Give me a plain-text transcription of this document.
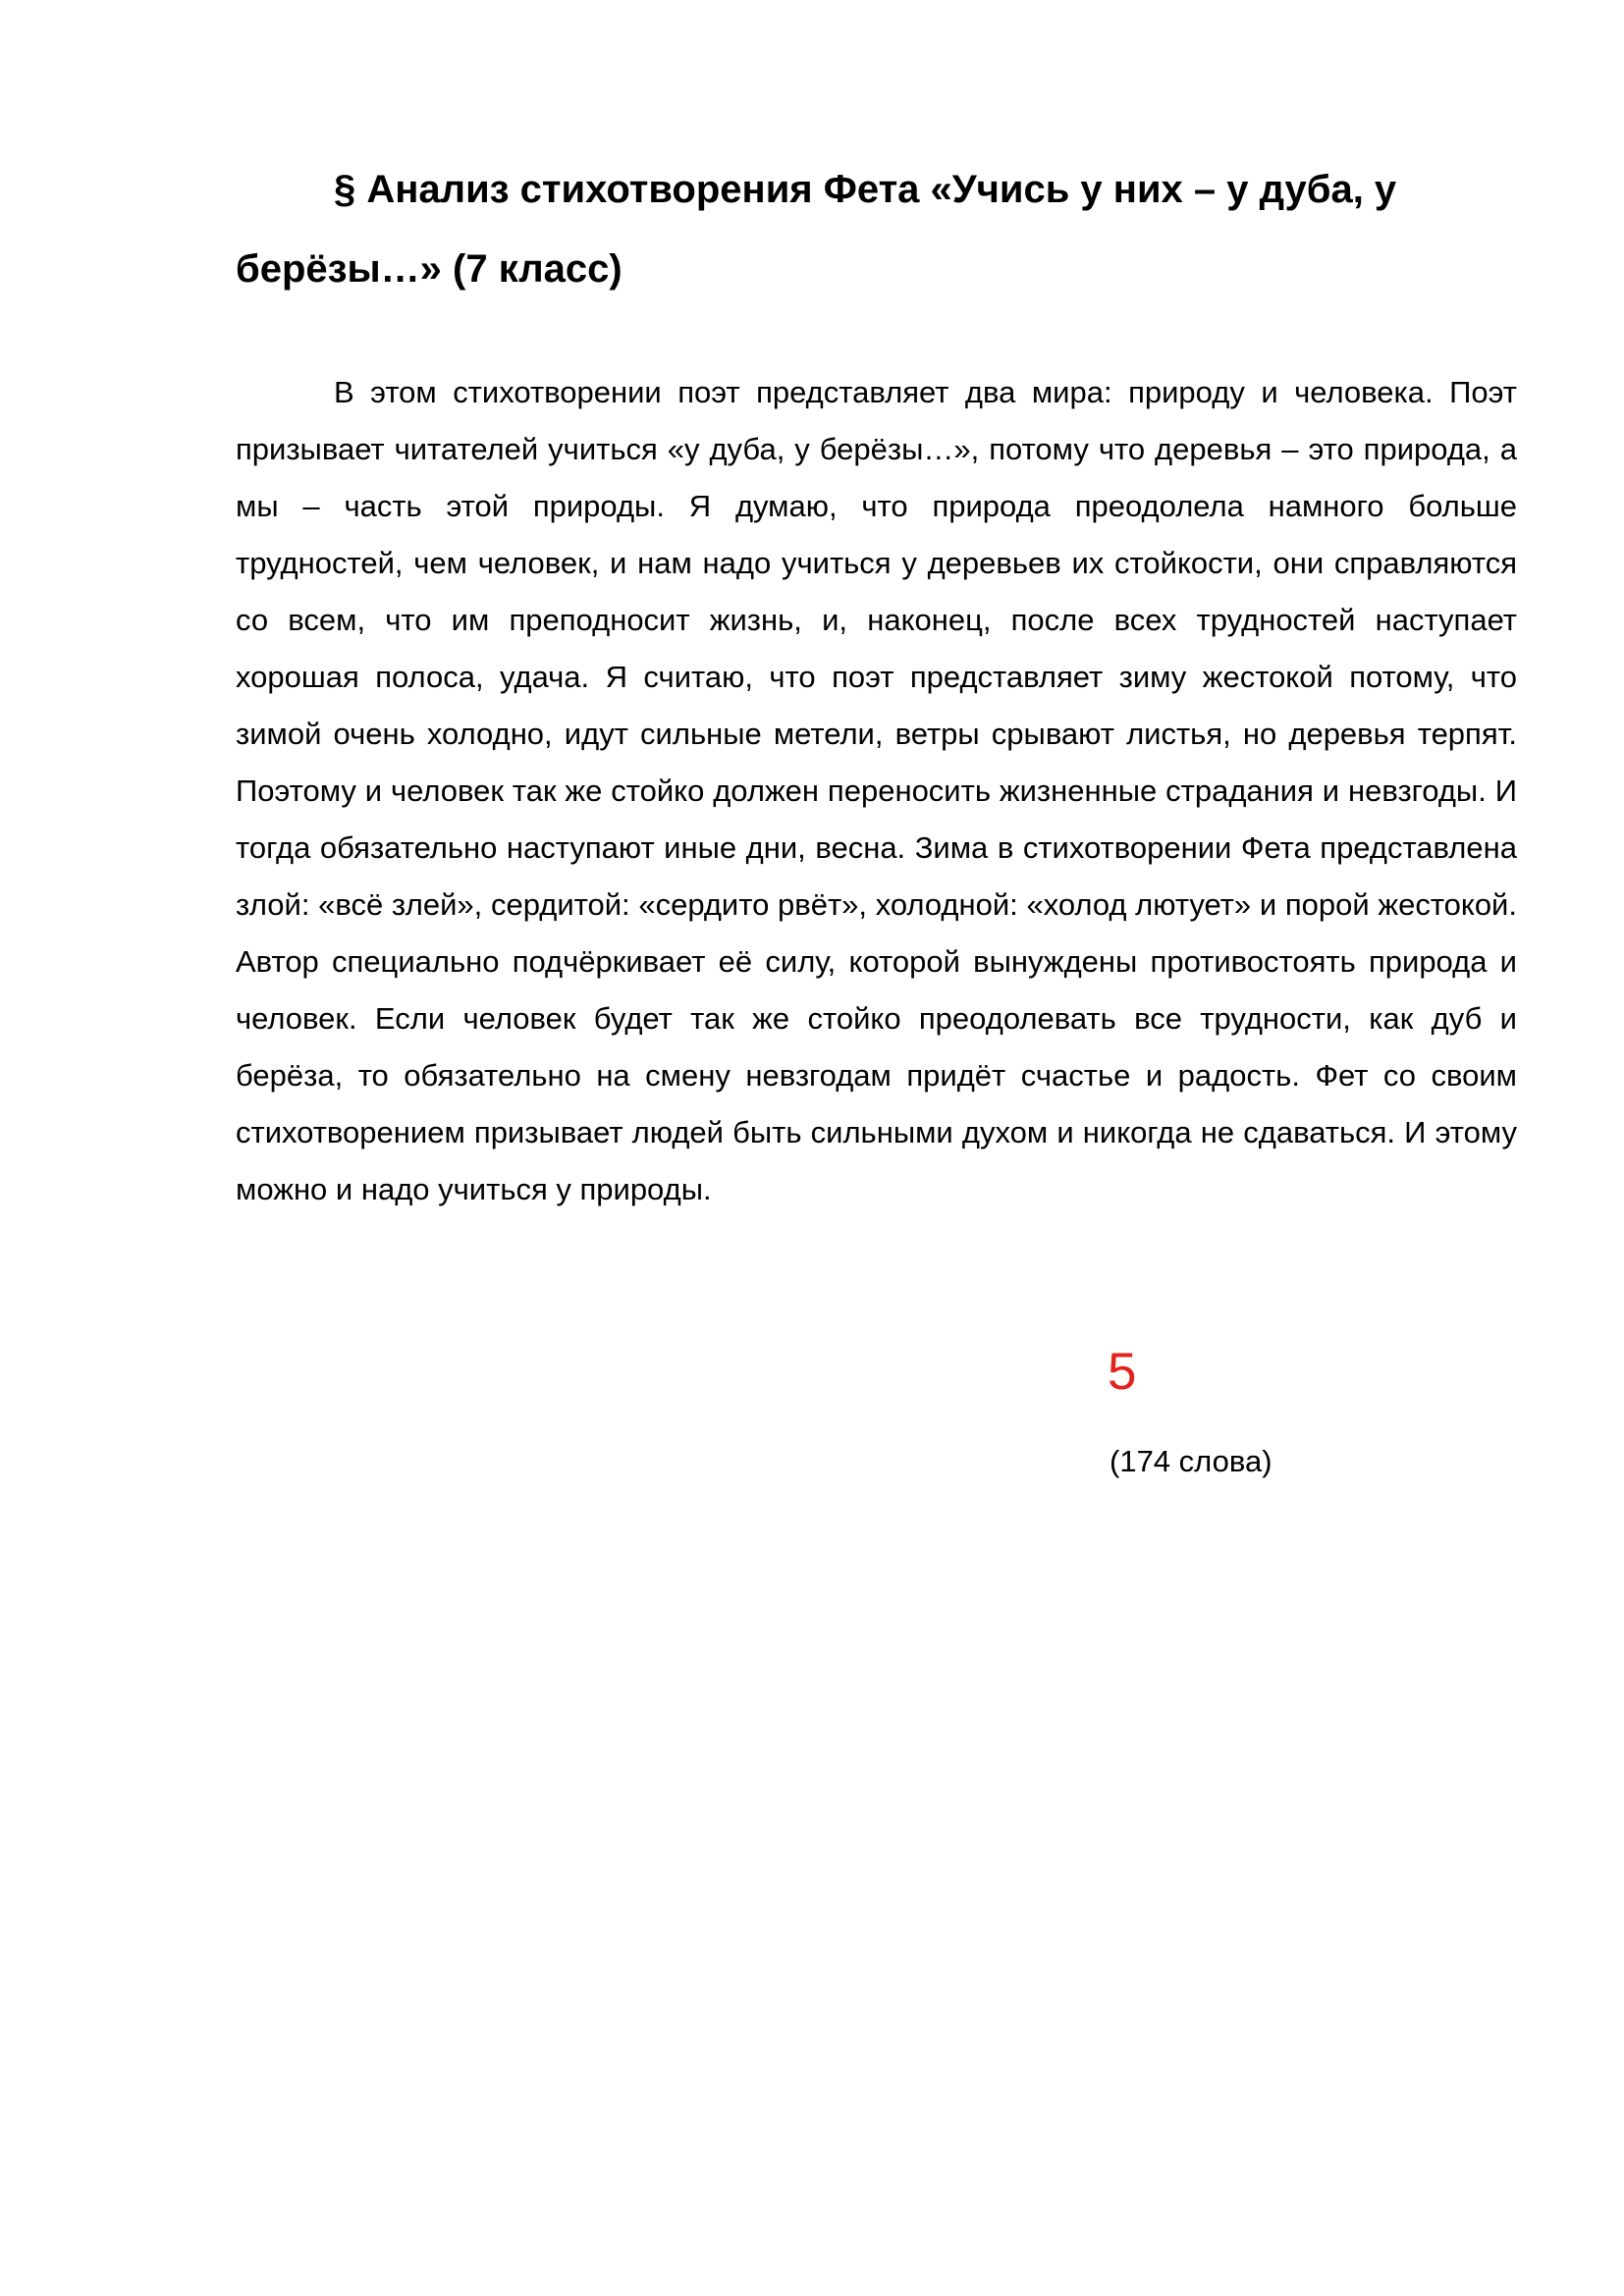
§ Анализ стихотворения Фета «Учись у них – у дуба, у берёзы…» (7 класс)

В этом стихотворении поэт представляет два мира: природу и человека. Поэт призывает читателей учиться «у дуба, у берёзы…», потому что деревья – это природа, а мы – часть этой природы. Я думаю, что природа преодолела намного больше трудностей, чем человек, и нам надо учиться у деревьев их стойкости, они справляются со всем, что им преподносит жизнь, и, наконец, после всех трудностей наступает хорошая полоса, удача. Я считаю, что поэт представляет зиму жестокой потому, что зимой очень холодно, идут сильные метели, ветры срывают листья, но деревья терпят. Поэтому и человек так же стойко должен переносить жизненные страдания и невзгоды. И тогда обязательно наступают иные дни, весна. Зима в стихотворении Фета представлена злой: «всё злей», сердитой: «сердито рвёт», холодной: «холод лютует» и порой жестокой. Автор специально подчёркивает её силу, которой вынуждены противостоять природа и человек. Если человек будет так же стойко преодолевать все трудности, как дуб и берёза, то обязательно на смену невзгодам придёт счастье и радость. Фет со своим стихотворением призывает людей быть сильными духом и никогда не сдаваться. И этому можно и надо учиться у природы.

5

(174 слова)
